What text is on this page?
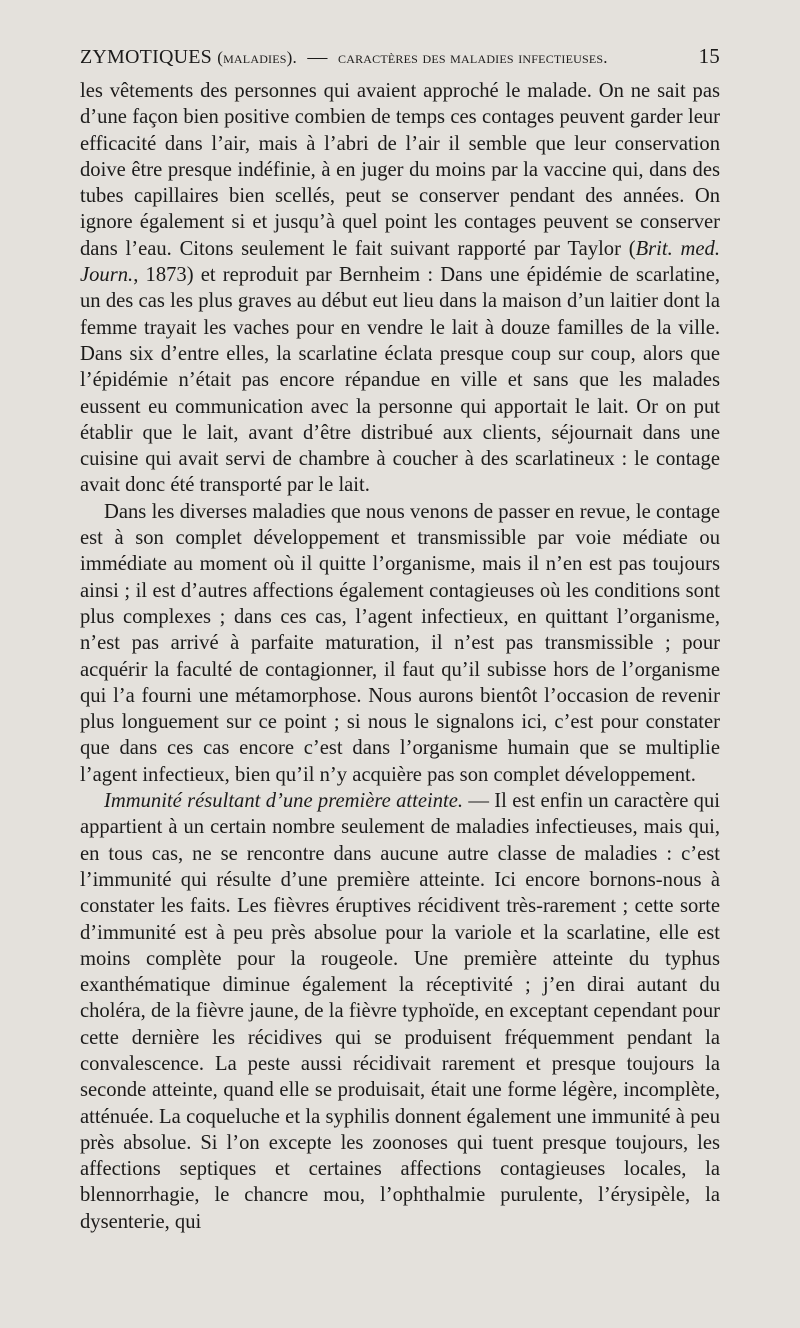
ZYMOTIQUES (maladies). — caractères des maladies infectieuses.	15

les vêtements des personnes qui avaient approché le malade. On ne sait pas d’une façon bien positive combien de temps ces contages peuvent garder leur efficacité dans l’air, mais à l’abri de l’air il semble que leur conservation doive être presque indéfinie, à en juger du moins par la vaccine qui, dans des tubes capillaires bien scellés, peut se conserver pendant des années. On ignore également si et jusqu’à quel point les contages peuvent se conserver dans l’eau. Citons seulement le fait suivant rapporté par Taylor (Brit. med. Journ., 1873) et reproduit par Bernheim : Dans une épidémie de scarlatine, un des cas les plus graves au début eut lieu dans la maison d’un laitier dont la femme trayait les vaches pour en vendre le lait à douze familles de la ville. Dans six d’entre elles, la scarlatine éclata presque coup sur coup, alors que l’épidémie n’était pas encore répandue en ville et sans que les malades eussent eu communication avec la personne qui apportait le lait. Or on put établir que le lait, avant d’être distribué aux clients, séjournait dans une cuisine qui avait servi de chambre à coucher à des scarlatineux : le contage avait donc été transporté par le lait.

Dans les diverses maladies que nous venons de passer en revue, le contage est à son complet développement et transmissible par voie médiate ou immédiate au moment où il quitte l’organisme, mais il n’en est pas toujours ainsi ; il est d’autres affections également contagieuses où les conditions sont plus complexes ; dans ces cas, l’agent infectieux, en quittant l’organisme, n’est pas arrivé à parfaite maturation, il n’est pas transmissible ; pour acquérir la faculté de contagionner, il faut qu’il subisse hors de l’organisme qui l’a fourni une métamorphose. Nous aurons bientôt l’occasion de revenir plus longuement sur ce point ; si nous le signalons ici, c’est pour constater que dans ces cas encore c’est dans l’organisme humain que se multiplie l’agent infectieux, bien qu’il n’y acquière pas son complet développement.

Immunité résultant d’une première atteinte. — Il est enfin un caractère qui appartient à un certain nombre seulement de maladies infectieuses, mais qui, en tous cas, ne se rencontre dans aucune autre classe de maladies : c’est l’immunité qui résulte d’une première atteinte. Ici encore bornons-nous à constater les faits. Les fièvres éruptives récidivent très-rarement ; cette sorte d’immunité est à peu près absolue pour la variole et la scarlatine, elle est moins complète pour la rougeole. Une première atteinte du typhus exanthématique diminue également la réceptivité ; j’en dirai autant du choléra, de la fièvre jaune, de la fièvre typhoïde, en exceptant cependant pour cette dernière les récidives qui se produisent fréquemment pendant la convalescence. La peste aussi récidivait rarement et presque toujours la seconde atteinte, quand elle se produisait, était une forme légère, incomplète, atténuée. La coqueluche et la syphilis donnent également une immunité à peu près absolue. Si l’on excepte les zoonoses qui tuent presque toujours, les affections septiques et certaines affections contagieuses locales, la blennorrhagie, le chancre mou, l’ophthalmie purulente, l’érysipèle, la dysenterie, qui
